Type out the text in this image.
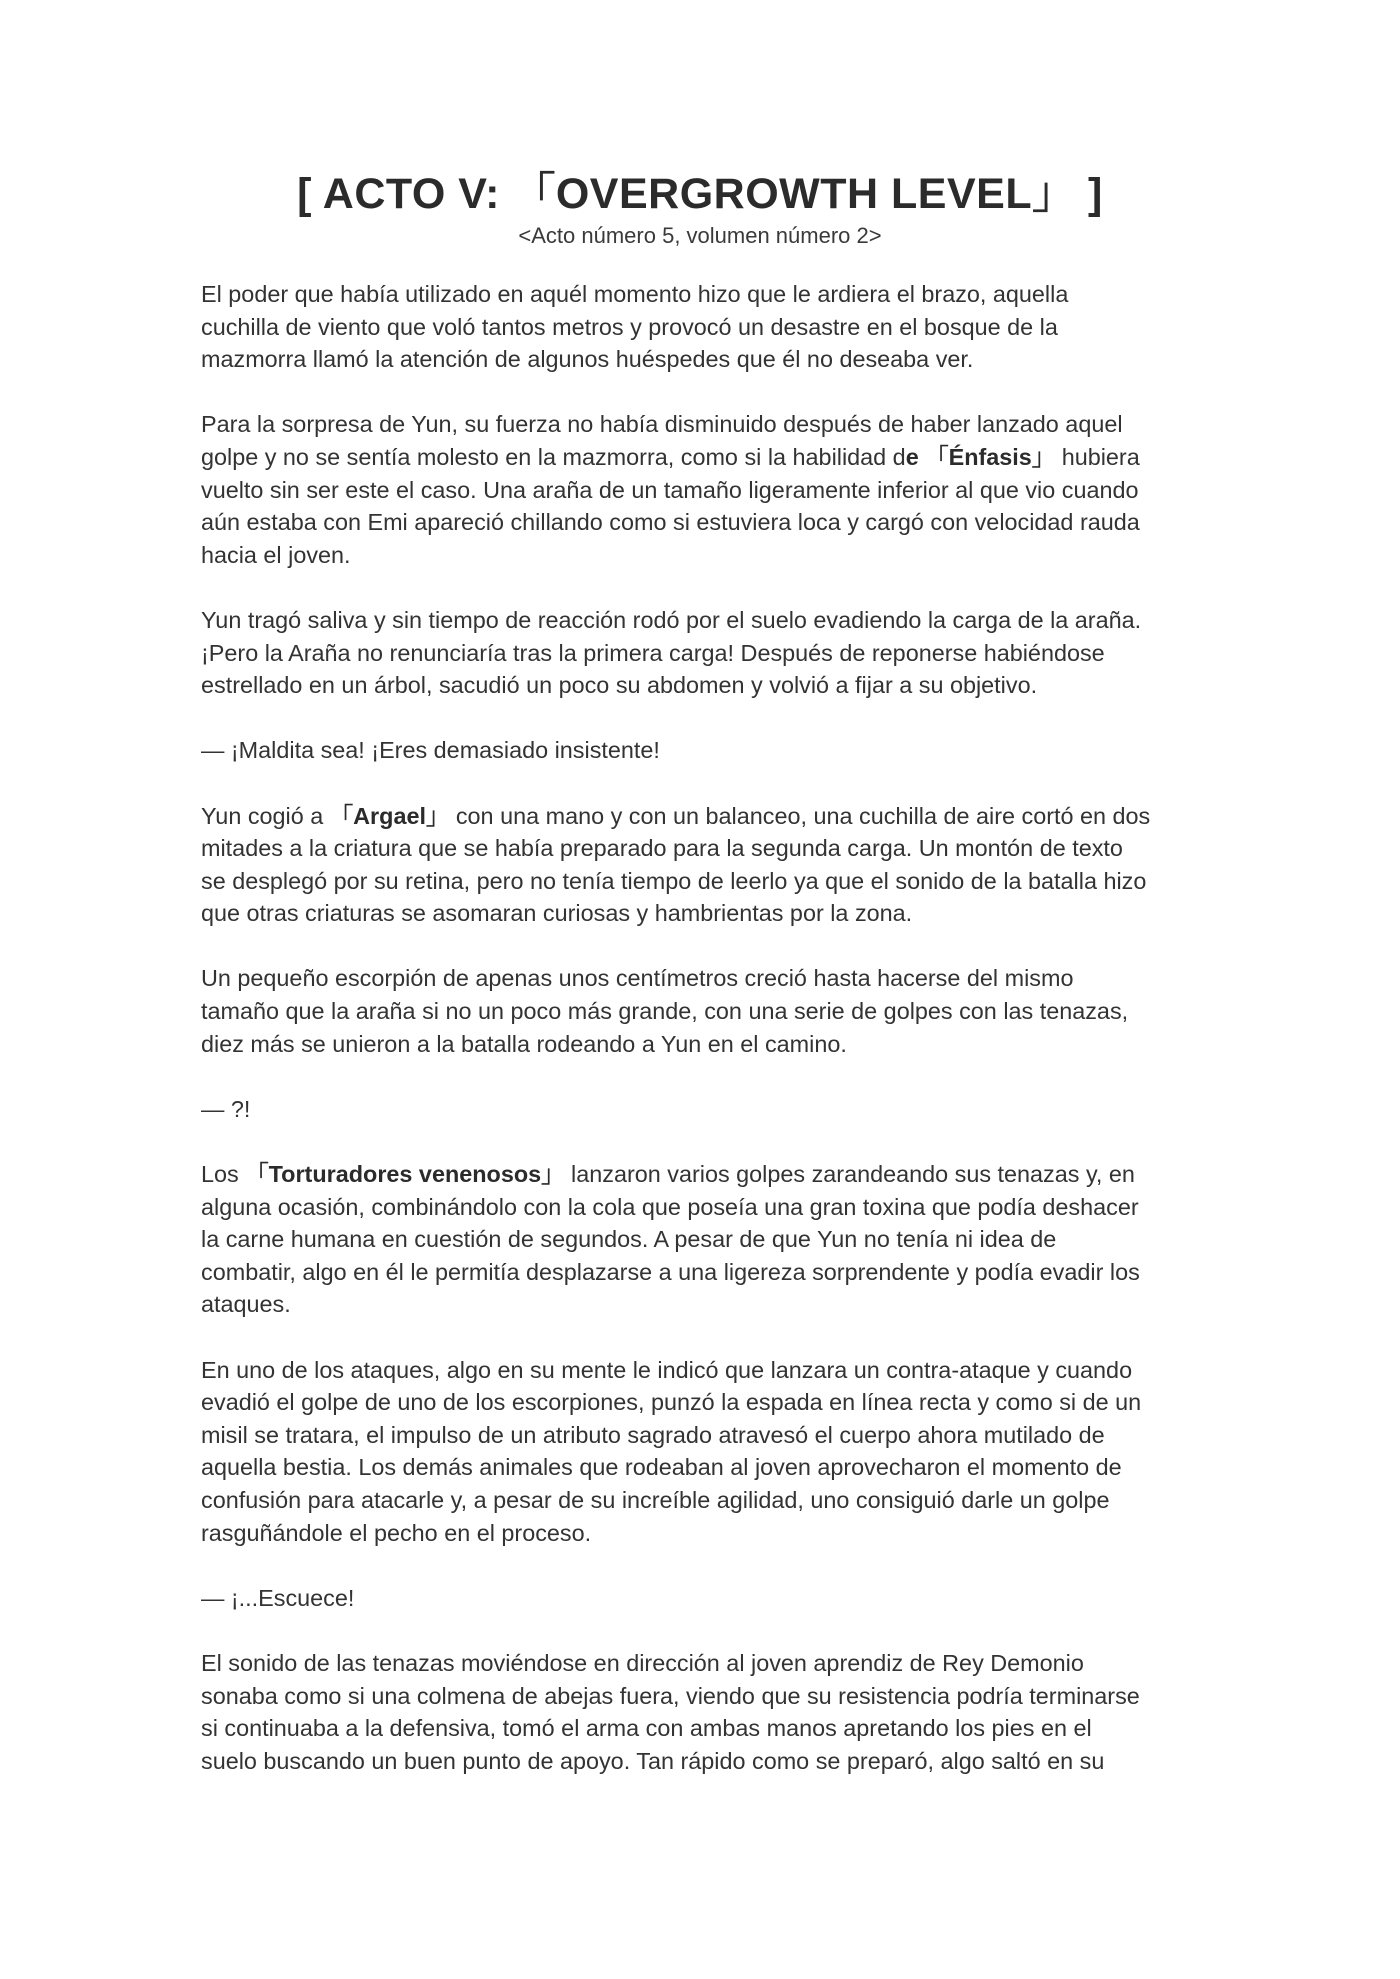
[ ACTO V: 「OVERGROWTH LEVEL」 ]
<Acto número 5, volumen número 2>

El poder que había utilizado en aquél momento hizo que le ardiera el brazo, aquella
cuchilla de viento que voló tantos metros y provocó un desastre en el bosque de la
mazmorra llamó la atención de algunos huéspedes que él no deseaba ver.

Para la sorpresa de Yun, su fuerza no había disminuido después de haber lanzado aquel
golpe y no se sentía molesto en la mazmorra, como si la habilidad de 「Énfasis」 hubiera
vuelto sin ser este el caso. Una araña de un tamaño ligeramente inferior al que vio cuando
aún estaba con Emi apareció chillando como si estuviera loca y cargó con velocidad rauda
hacia el joven.

Yun tragó saliva y sin tiempo de reacción rodó por el suelo evadiendo la carga de la araña.
¡Pero la Araña no renunciaría tras la primera carga! Después de reponerse habiéndose
estrellado en un árbol, sacudió un poco su abdomen y volvió a fijar a su objetivo.

— ¡Maldita sea! ¡Eres demasiado insistente!

Yun cogió a 「Argael」 con una mano y con un balanceo, una cuchilla de aire cortó en dos
mitades a la criatura que se había preparado para la segunda carga. Un montón de texto
se desplegó por su retina, pero no tenía tiempo de leerlo ya que el sonido de la batalla hizo
que otras criaturas se asomaran curiosas y hambrientas por la zona.

Un pequeño escorpión de apenas unos centímetros creció hasta hacerse del mismo
tamaño que la araña si no un poco más grande, con una serie de golpes con las tenazas,
diez más se unieron a la batalla rodeando a Yun en el camino.

— ?!

Los 「Torturadores venenosos」 lanzaron varios golpes zarandeando sus tenazas y, en
alguna ocasión, combinándolo con la cola que poseía una gran toxina que podía deshacer
la carne humana en cuestión de segundos. A pesar de que Yun no tenía ni idea de
combatir, algo en él le permitía desplazarse a una ligereza sorprendente y podía evadir los
ataques.

En uno de los ataques, algo en su mente le indicó que lanzara un contra-ataque y cuando
evadió el golpe de uno de los escorpiones, punzó la espada en línea recta y como si de un
misil se tratara, el impulso de un atributo sagrado atravesó el cuerpo ahora mutilado de
aquella bestia. Los demás animales que rodeaban al joven aprovecharon el momento de
confusión para atacarle y, a pesar de su increíble agilidad, uno consiguió darle un golpe
rasguñándole el pecho en el proceso.

— ¡...Escuece!

El sonido de las tenazas moviéndose en dirección al joven aprendiz de Rey Demonio
sonaba como si una colmena de abejas fuera, viendo que su resistencia podría terminarse
si continuaba a la defensiva, tomó el arma con ambas manos apretando los pies en el
suelo buscando un buen punto de apoyo. Tan rápido como se preparó, algo saltó en su
